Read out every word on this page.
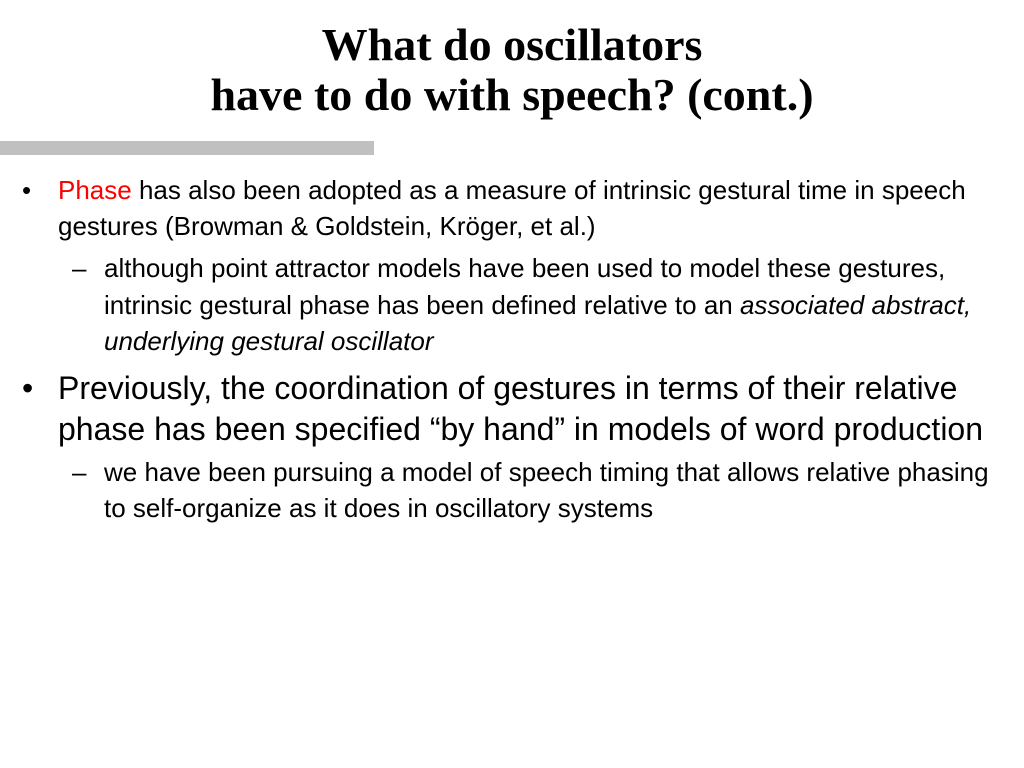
What do oscillators
have to do with speech? (cont.)
• Phase has also been adopted as a measure of intrinsic gestural time in speech gestures (Browman & Goldstein, Kröger, et al.)
– although point attractor models have been used to model these gestures, intrinsic gestural phase has been defined relative to an associated abstract, underlying gestural oscillator
• Previously, the coordination of gestures in terms of their relative phase has been specified “by hand” in models of word production
– we have been pursuing a model of speech timing that allows relative phasing to self-organize as it does in oscillatory systems
